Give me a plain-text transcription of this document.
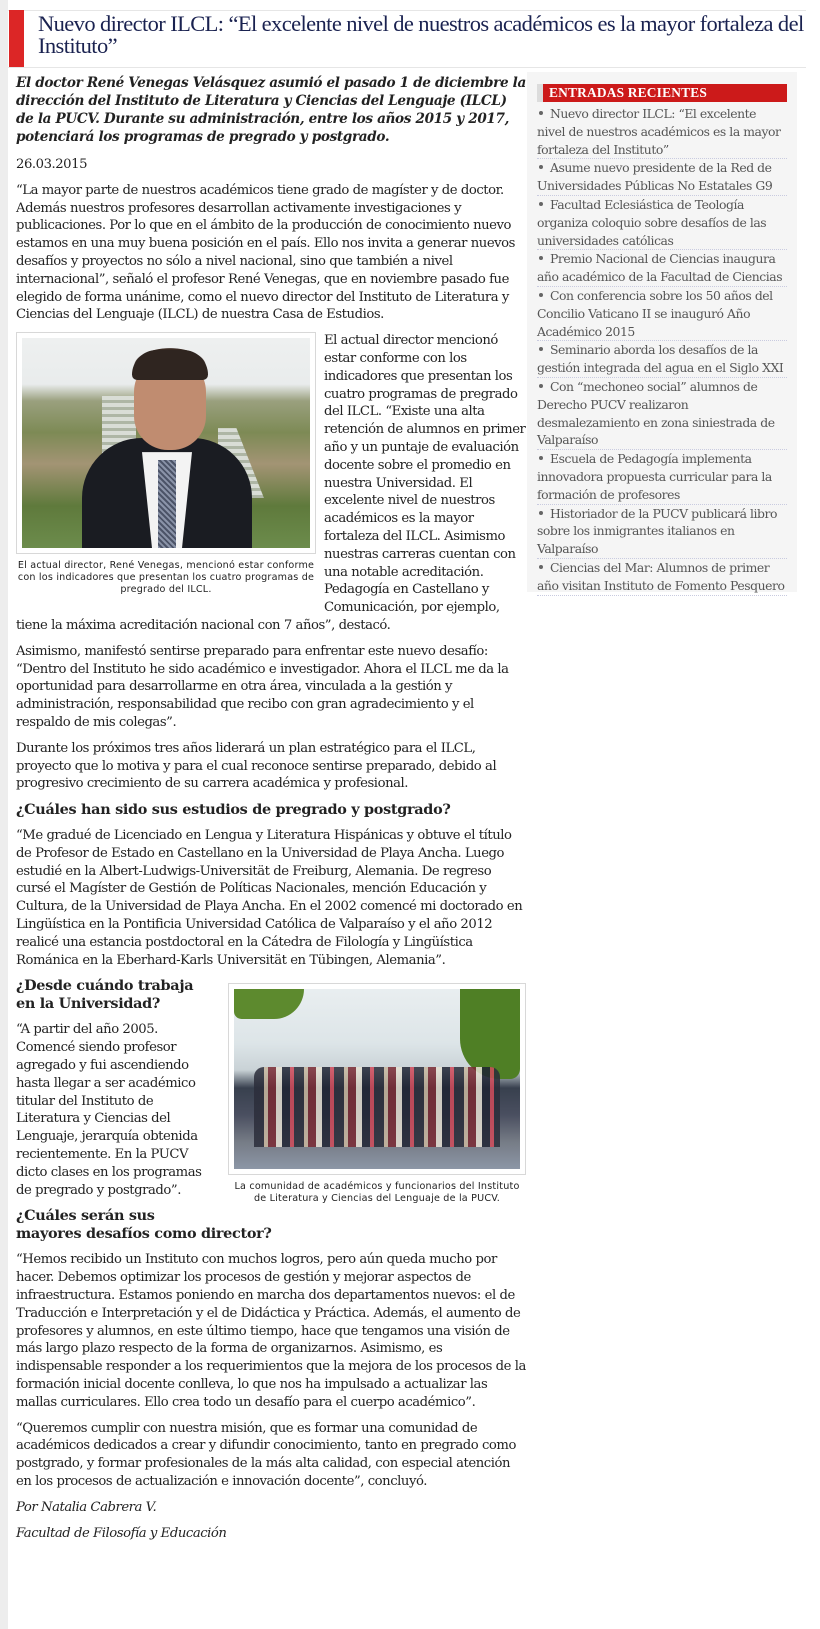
Nuevo director ILCL: “El excelente nivel de nuestros académicos es la mayor fortaleza del Instituto”

El doctor René Venegas Velásquez asumió el pasado 1 de diciembre la dirección del Instituto de Literatura y Ciencias del Lenguaje (ILCL) de la PUCV. Durante su administración, entre los años 2015 y 2017, potenciará los programas de pregrado y postgrado.

26.03.2015

“La mayor parte de nuestros académicos tiene grado de magíster y de doctor. Además nuestros profesores desarrollan activamente investigaciones y publicaciones. Por lo que en el ámbito de la producción de conocimiento nuevo estamos en una muy buena posición en el país. Ello nos invita a generar nuevos desafíos y proyectos no sólo a nivel nacional, sino que también a nivel internacional”, señaló el profesor René Venegas, que en noviembre pasado fue elegido de forma unánime, como el nuevo director del Instituto de Literatura y Ciencias del Lenguaje (ILCL) de nuestra Casa de Estudios.

El actual director, René Venegas, mencionó estar conforme con los indicadores que presentan los cuatro programas de pregrado del ILCL.

El actual director mencionó estar conforme con los indicadores que presentan los cuatro programas de pregrado del ILCL. “Existe una alta retención de alumnos en primer año y un puntaje de evaluación docente sobre el promedio en nuestra Universidad. El excelente nivel de nuestros académicos es la mayor fortaleza del ILCL. Asimismo nuestras carreras cuentan con una notable acreditación. Pedagogía en Castellano y Comunicación, por ejemplo, tiene la máxima acreditación nacional con 7 años”, destacó.

Asimismo, manifestó sentirse preparado para enfrentar este nuevo desafío: “Dentro del Instituto he sido académico e investigador. Ahora el ILCL me da la oportunidad para desarrollarme en otra área, vinculada a la gestión y administración, responsabilidad que recibo con gran agradecimiento y el respaldo de mis colegas”.

Durante los próximos tres años liderará un plan estratégico para el ILCL, proyecto que lo motiva y para el cual reconoce sentirse preparado, debido al progresivo crecimiento de su carrera académica y profesional.

¿Cuáles han sido sus estudios de pregrado y postgrado?

“Me gradué de Licenciado en Lengua y Literatura Hispánicas y obtuve el título de Profesor de Estado en Castellano en la Universidad de Playa Ancha. Luego estudié en la Albert-Ludwigs-Universität de Freiburg, Alemania. De regreso cursé el Magíster de Gestión de Políticas Nacionales, mención Educación y Cultura, de la Universidad de Playa Ancha. En el 2002 comencé mi doctorado en Lingüística en la Pontificia Universidad Católica de Valparaíso y el año 2012 realicé una estancia postdoctoral en la Cátedra de Filología y Lingüística Románica en la Eberhard-Karls Universität en Tübingen, Alemania”.

La comunidad de académicos y funcionarios del Instituto de Literatura y Ciencias del Lenguaje de la PUCV.
¿Desde cuándo trabaja en la Universidad?

“A partir del año 2005. Comencé siendo profesor agregado y fui ascendiendo hasta llegar a ser académico titular del Instituto de Literatura y Ciencias del Lenguaje, jerarquía obtenida recientemente. En la PUCV dicto clases en los programas de pregrado y postgrado”.

¿Cuáles serán sus mayores desafíos como director?

“Hemos recibido un Instituto con muchos logros, pero aún queda mucho por hacer. Debemos optimizar los procesos de gestión y mejorar aspectos de infraestructura. Estamos poniendo en marcha dos departamentos nuevos: el de Traducción e Interpretación y el de Didáctica y Práctica. Además, el aumento de profesores y alumnos, en este último tiempo, hace que tengamos una visión de más largo plazo respecto de la forma de organizarnos. Asimismo, es indispensable responder a los requerimientos que la mejora de los procesos de la formación inicial docente conlleva, lo que nos ha impulsado a actualizar las mallas curriculares. Ello crea todo un desafío para el cuerpo académico”.

“Queremos cumplir con nuestra misión, que es formar una comunidad de académicos dedicados a crear y difundir conocimiento, tanto en pregrado como postgrado, y formar profesionales de la más alta calidad, con especial atención en los procesos de actualización e innovación docente”, concluyó.

Por Natalia Cabrera V.

Facultad de Filosofía y Educación

ENTRADAS RECIENTES
Nuevo director ILCL: “El excelente nivel de nuestros académicos es la mayor fortaleza del Instituto”
Asume nuevo presidente de la Red de Universidades Públicas No Estatales G9
Facultad Eclesiástica de Teología organiza coloquio sobre desafíos de las universidades católicas
Premio Nacional de Ciencias inaugura año académico de la Facultad de Ciencias
Con conferencia sobre los 50 años del Concilio Vaticano II se inauguró Año Académico 2015
Seminario aborda los desafíos de la gestión integrada del agua en el Siglo XXI
Con “mechoneo social” alumnos de Derecho PUCV realizaron desmalezamiento en zona siniestrada de Valparaíso
Escuela de Pedagogía implementa innovadora propuesta curricular para la formación de profesores
Historiador de la PUCV publicará libro sobre los inmigrantes italianos en Valparaíso
Ciencias del Mar: Alumnos de primer año visitan Instituto de Fomento Pesquero
